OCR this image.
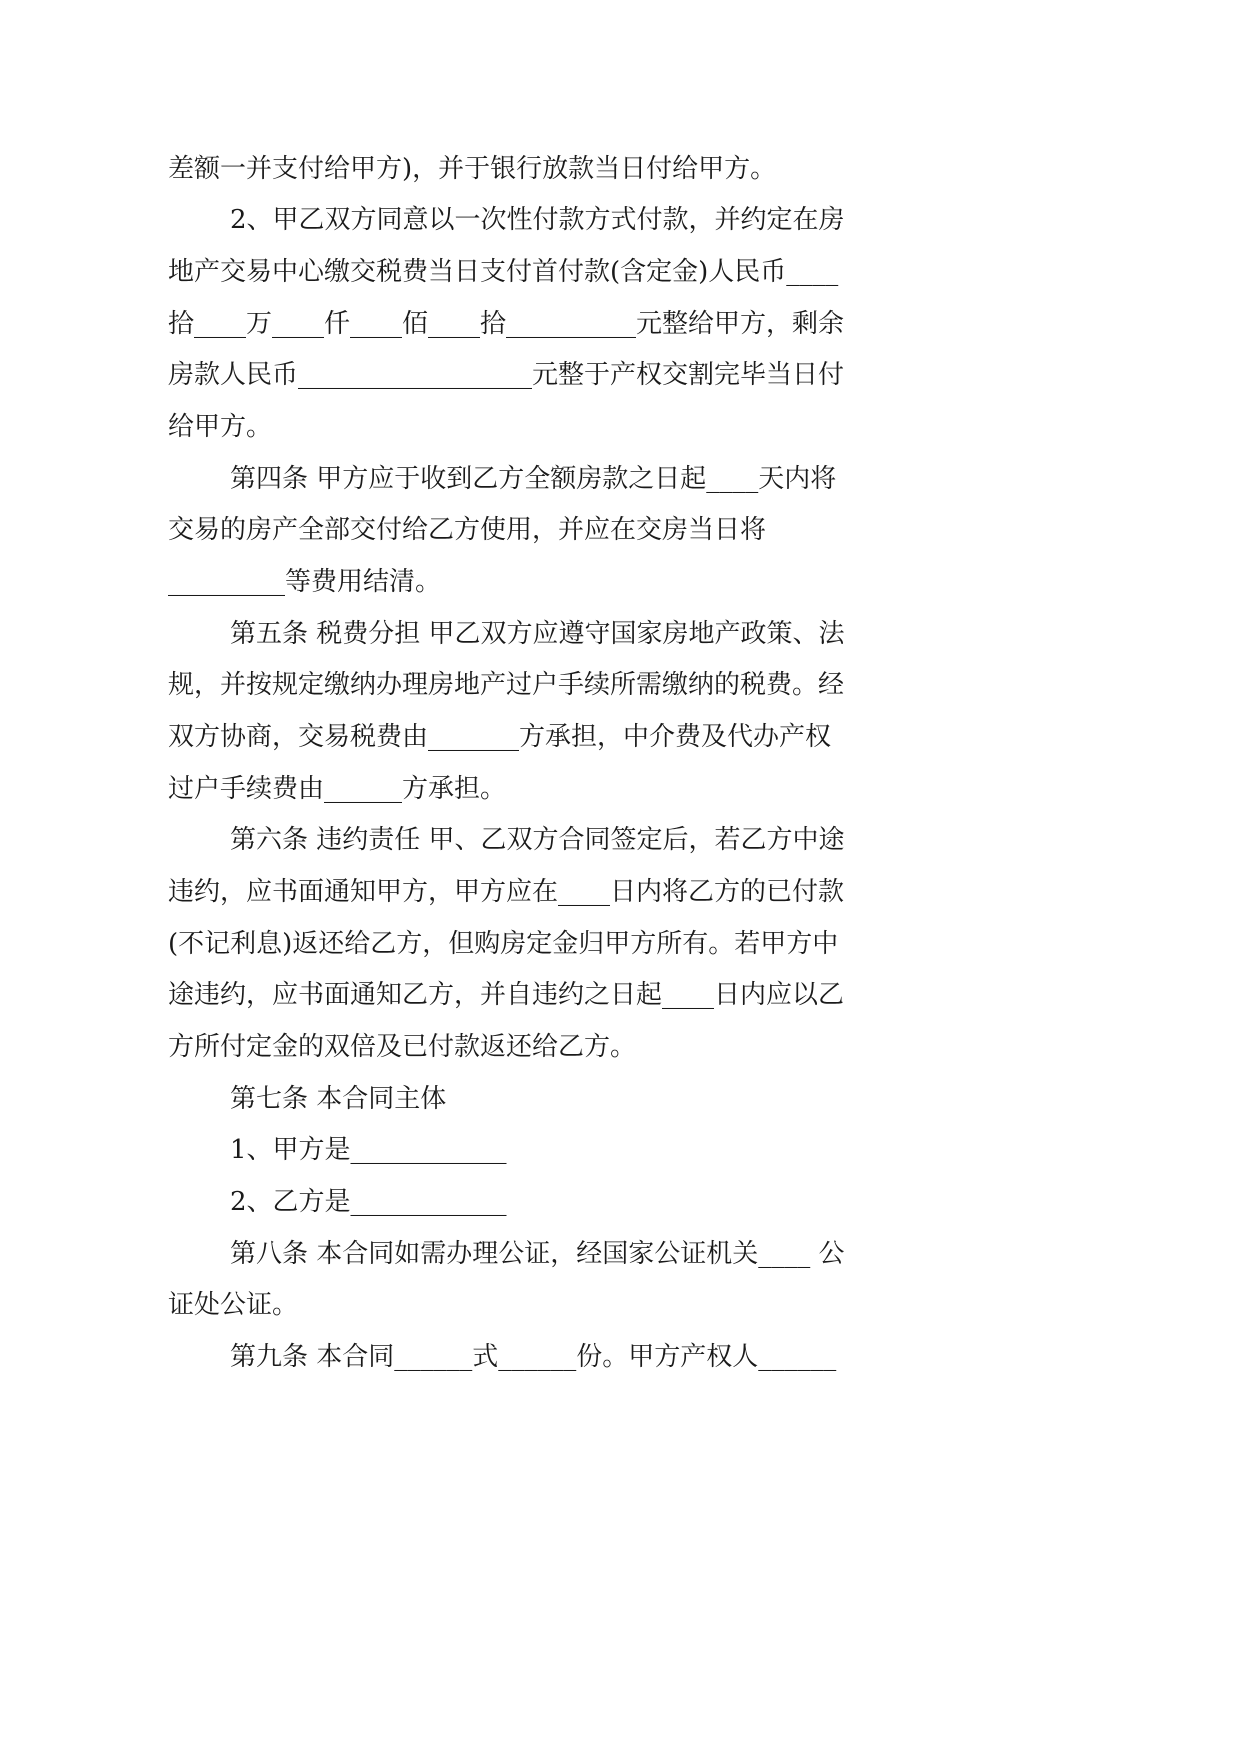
差额一并支付给甲方)，并于银行放款当日付给甲方。
2、甲乙双方同意以一次性付款方式付款，并约定在房
地产交易中心缴交税费当日支付首付款(含定金)人民币____
拾____万____仟____佰____拾__________元整给甲方，剩余
房款人民币__________________元整于产权交割完毕当日付
给甲方。
第四条 甲方应于收到乙方全额房款之日起____天内将
交易的房产全部交付给乙方使用，并应在交房当日将
_________等费用结清。
第五条 税费分担 甲乙双方应遵守国家房地产政策、法
规，并按规定缴纳办理房地产过户手续所需缴纳的税费。经
双方协商，交易税费由_______方承担，中介费及代办产权
过户手续费由______方承担。
第六条 违约责任 甲、乙双方合同签定后，若乙方中途
违约，应书面通知甲方，甲方应在____日内将乙方的已付款
(不记利息)返还给乙方，但购房定金归甲方所有。若甲方中
途违约，应书面通知乙方，并自违约之日起____日内应以乙
方所付定金的双倍及已付款返还给乙方。
第七条 本合同主体
1、甲方是____________
2、乙方是____________
第八条 本合同如需办理公证，经国家公证机关____ 公
证处公证。
第九条 本合同______式______份。甲方产权人______
